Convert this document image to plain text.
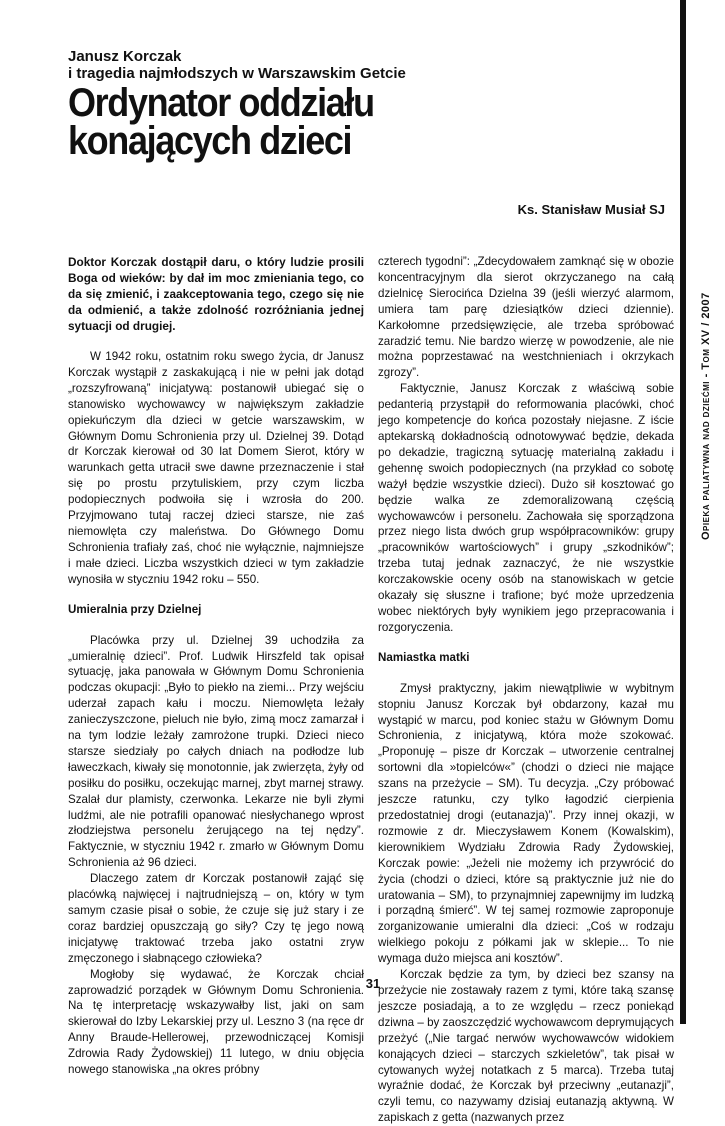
Opieka paliatywna nad dziećmi - Tom XV / 2007
Janusz Korczak
i tragedia najmłodszych w Warszawskim Getcie
Ordynator oddziału
konających dzieci
Ks. Stanisław Musiał SJ

Doktor Korczak dostąpił daru, o który ludzie prosili Boga od wieków: by dał im moc zmieniania tego, co da się zmienić, i zaakceptowania tego, czego się nie da odmienić, a także zdolność rozróżniania jednej sytuacji od drugiej.

W 1942 roku, ostatnim roku swego życia, dr Janusz Korczak wystąpił z zaskakującą i nie w pełni jak dotąd „rozszyfrowaną” inicjatywą: postanowił ubiegać się o stanowisko wychowawcy w największym zakładzie opiekuńczym dla dzieci w getcie warszawskim, w Głównym Domu Schronienia przy ul. Dzielnej 39. Dotąd dr Korczak kierował od 30 lat Domem Sierot, który w warunkach getta utracił swe dawne przeznaczenie i stał się po prostu przytuliskiem, przy czym liczba podopiecznych podwoiła się i wzrosła do 200. Przyjmowano tutaj raczej dzieci starsze, nie zaś niemowlęta czy maleństwa. Do Głównego Domu Schronienia trafiały zaś, choć nie wyłącznie, najmniejsze i małe dzieci. Liczba wszystkich dzieci w tym zakładzie wynosiła w styczniu 1942 roku – 550.

Umieralnia przy Dzielnej

Placówka przy ul. Dzielnej 39 uchodziła za „umieralnię dzieci”. Prof. Ludwik Hirszfeld tak opisał sytuację, jaka panowała w Głównym Domu Schronienia podczas okupacji: „Było to piekło na ziemi... Przy wejściu uderzał zapach kału i moczu. Niemowlęta leżały zanieczyszczone, pieluch nie było, zimą mocz zamarzał i na tym lodzie leżały zamrożone trupki. Dzieci nieco starsze siedziały po całych dniach na podłodze lub ławeczkach, kiwały się monotonnie, jak zwierzęta, żyły od posiłku do posiłku, oczekując marnej, zbyt marnej strawy. Szalał dur plamisty, czerwonka. Lekarze nie byli złymi ludźmi, ale nie potrafili opanować niesłychanego wprost złodziejstwa personelu żerującego na tej nędzy”. Faktycznie, w styczniu 1942 r. zmarło w Głównym Domu Schronienia aż 96 dzieci.

Dlaczego zatem dr Korczak postanowił zająć się placówką najwięcej i najtrudniejszą – on, który w tym samym czasie pisał o sobie, że czuje się już stary i ze coraz bardziej opuszczają go siły? Czy tę jego nową inicjatywę traktować trzeba jako ostatni zryw zmęczonego i słabnącego człowieka?

Mogłoby się wydawać, że Korczak chciał zaprowadzić porządek w Głównym Domu Schronienia. Na tę interpretację wskazywałby list, jaki on sam skierował do Izby Lekarskiej przy ul. Leszno 3 (na ręce dr Anny Braude-Hellerowej, przewodniczącej Komisji Zdrowia Rady Żydowskiej) 11 lutego, w dniu objęcia nowego stanowiska „na okres próbny

czterech tygodni”: „Zdecydowałem zamknąć się w obozie koncentracyjnym dla sierot okrzyczanego na całą dzielnicę Sierocińca Dzielna 39 (jeśli wierzyć alarmom, umiera tam parę dziesiątków dzieci dziennie). Karkołomne przedsięwzięcie, ale trzeba spróbować zaradzić temu. Nie bardzo wierzę w powodzenie, ale nie można poprzestawać na westchnieniach i okrzykach zgrozy”.

Faktycznie, Janusz Korczak z właściwą sobie pedanterią przystąpił do reformowania placówki, choć jego kompetencje do końca pozostały niejasne. Z iście aptekarską dokładnością odnotowywać będzie, dekada po dekadzie, tragiczną sytuację materialną zakładu i gehennę swoich podopiecznych (na przykład co sobotę ważył będzie wszystkie dzieci). Dużo sił kosztować go będzie walka ze zdemoralizowaną częścią wychowawców i personelu. Zachowała się sporządzona przez niego lista dwóch grup współpracowników: grupy „pracowników wartościowych” i grupy „szkodników”; trzeba tutaj jednak zaznaczyć, że nie wszystkie korczakowskie oceny osób na stanowiskach w getcie okazały się słuszne i trafione; być może uprzedzenia wobec niektórych były wynikiem jego przepracowania i rozgoryczenia.

Namiastka matki

Zmysł praktyczny, jakim niewątpliwie w wybitnym stopniu Janusz Korczak był obdarzony, kazał mu wystąpić w marcu, pod koniec stażu w Głównym Domu Schronienia, z inicjatywą, która może szokować. „Proponuję – pisze dr Korczak – utworzenie centralnej sortowni dla »topielców«” (chodzi o dzieci nie mające szans na przeżycie – SM). Tu decyzja. „Czy próbować jeszcze ratunku, czy tylko łagodzić cierpienia przedostatniej drogi (eutanazja)”. Przy innej okazji, w rozmowie z dr. Mieczysławem Konem (Kowalskim), kierownikiem Wydziału Zdrowia Rady Żydowskiej, Korczak powie: „Jeżeli nie możemy ich przywrócić do życia (chodzi o dzieci, które są praktycznie już nie do uratowania – SM), to przynajmniej zapewnijmy im ludzką i porządną śmierć”. W tej samej rozmowie zaproponuje zorganizowanie umieralni dla dzieci: „Coś w rodzaju wielkiego pokoju z półkami jak w sklepie... To nie wymaga dużo miejsca ani kosztów”.

Korczak będzie za tym, by dzieci bez szansy na przeżycie nie zostawały razem z tymi, które taką szansę jeszcze posiadają, a to ze względu – rzecz poniekąd dziwna – by zaoszczędzić wychowawcom deprymujących przeżyć („Nie targać nerwów wychowawców widokiem konających dzieci – starczych szkieletów”, tak pisał w cytowanych wyżej notatkach z 5 marca). Trzeba tutaj wyraźnie dodać, że Korczak był przeciwny „eutanazji”, czyli temu, co nazywamy dzisiaj eutanazją aktywną. W zapiskach z getta (nazwanych przez

31
